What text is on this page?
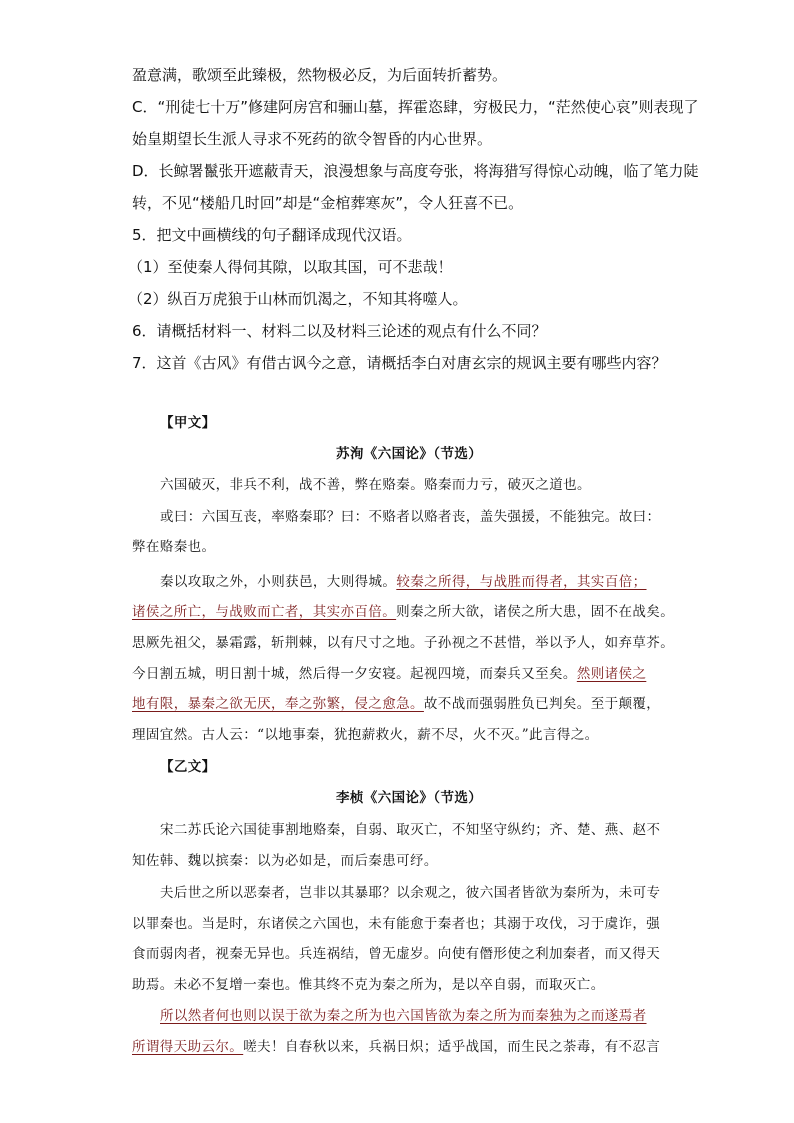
盈意满，歌颂至此臻极，然物极必反，为后面转折蓄势。
C．“刑徒七十万”修建阿房宫和骊山墓，挥霍恣肆，穷极民力，“茫然使心哀”则表现了
始皇期望长生派人寻求不死药的欲令智昏的内心世界。
D．长鲸署鬣张开遮蔽青天，浪漫想象与高度夸张，将海猎写得惊心动魄，临了笔力陡
转，不见“楼船几时回”却是“金棺葬寒灰”，令人狂喜不已。
5．把文中画横线的句子翻译成现代汉语。
（1）至使秦人得伺其隙，以取其国，可不悲哉！
（2）纵百万虎狼于山林而饥渴之，不知其将噬人。
6．请概括材料一、材料二以及材料三论述的观点有什么不同？
7．这首《古风》有借古讽今之意，请概括李白对唐玄宗的规讽主要有哪些内容？
【甲文】
苏洵《六国论》（节选）
六国破灭，非兵不利，战不善，弊在赂秦。赂秦而力亏，破灭之道也。
或曰：六国互丧，率赂秦耶？曰：不赂者以赂者丧，盖失强援，不能独完。故曰：
弊在赂秦也。
秦以攻取之外，小则获邑，大则得城。较秦之所得，与战胜而得者，其实百倍；
诸侯之所亡，与战败而亡者，其实亦百倍。则秦之所大欲，诸侯之所大患，固不在战矣。
思厥先祖父，暴霜露，斩荆棘，以有尺寸之地。子孙视之不甚惜，举以予人，如弃草芥。
今日割五城，明日割十城，然后得一夕安寝。起视四境，而秦兵又至矣。然则诸侯之
地有限，暴秦之欲无厌，奉之弥繁，侵之愈急。故不战而强弱胜负已判矣。至于颠覆，
理固宜然。古人云：“以地事秦，犹抱薪救火，薪不尽，火不灭。”此言得之。
【乙文】
李桢《六国论》（节选）
宋二苏氏论六国徒事割地赂秦，自弱、取灭亡，不知坚守纵约；齐、楚、燕、赵不
知佐韩、魏以摈秦：以为必如是，而后秦患可纾。
夫后世之所以恶秦者，岂非以其暴耶？以余观之，彼六国者皆欲为秦所为，未可专
以罪秦也。当是时，东诸侯之六国也，未有能愈于秦者也；其溺于攻伐，习于虞诈，强
食而弱肉者，视秦无异也。兵连祸结，曾无虚岁。向使有僭形使之利加秦者，而又得天
助焉。未必不复增一秦也。惟其终不克为秦之所为，是以卒自弱，而取灭亡。
所以然者何也则以误于欲为秦之所为也六国皆欲为秦之所为而秦独为之而遂焉者
所谓得天助云尔。嗟夫！自春秋以来，兵祸日炽；适乎战国，而生民之荼毒，有不忍言
